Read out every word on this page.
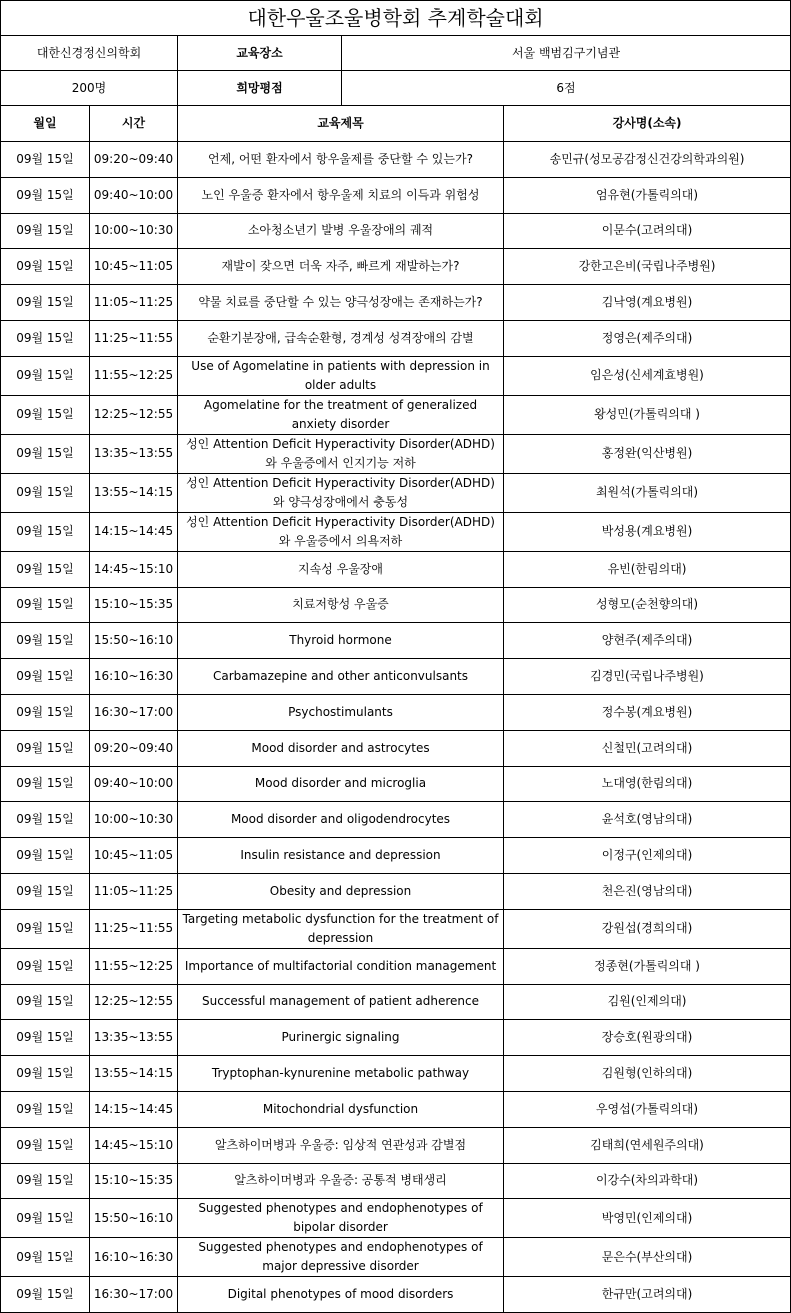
대한우울조울병학회 추계학술대회				
대한신경정신의학회		교육장소	서울 백범김구기념관	
200명		희망평점	6점	
월일	시간	교육제목		강사명(소속)
09월 15일	09:20~09:40	언제, 어떤 환자에서 항우울제를 중단할 수 있는가?		송민규(성모공감정신건강의학과의원)
09월 15일	09:40~10:00	노인 우울증 환자에서 항우울제 치료의 이득과 위험성		엄유현(가톨릭의대)
09월 15일	10:00~10:30	소아청소년기 발병 우울장애의 궤적		이문수(고려의대)
09월 15일	10:45~11:05	재발이 잦으면 더욱 자주, 빠르게 재발하는가?		강한고은비(국립나주병원)
09월 15일	11:05~11:25	약물 치료를 중단할 수 있는 양극성장애는 존재하는가?		김낙영(계요병원)
09월 15일	11:25~11:55	순환기분장애, 급속순환형, 경계성 성격장애의 감별		정영은(제주의대)
09월 15일	11:55~12:25	Use of Agomelatine in patients with depression in older adults		임은성(신세계효병원)
09월 15일	12:25~12:55	Agomelatine for the treatment of generalized anxiety disorder		왕성민(가톨릭의대 )
09월 15일	13:35~13:55	성인 Attention Deficit Hyperactivity Disorder(ADHD)와 우울증에서 인지기능 저하		홍정완(익산병원)
09월 15일	13:55~14:15	성인 Attention Deficit Hyperactivity Disorder(ADHD)와 양극성장애에서 충동성		최원석(가톨릭의대)
09월 15일	14:15~14:45	성인 Attention Deficit Hyperactivity Disorder(ADHD)와 우울증에서 의욕저하		박성용(계요병원)
09월 15일	14:45~15:10	지속성 우울장애		유빈(한림의대)
09월 15일	15:10~15:35	치료저항성 우울증		성형모(순천향의대)
09월 15일	15:50~16:10	Thyroid hormone		양현주(제주의대)
09월 15일	16:10~16:30	Carbamazepine and other anticonvulsants		김경민(국립나주병원)
09월 15일	16:30~17:00	Psychostimulants		정수봉(계요병원)
09월 15일	09:20~09:40	Mood disorder and astrocytes		신철민(고려의대)
09월 15일	09:40~10:00	Mood disorder and microglia		노대영(한림의대)
09월 15일	10:00~10:30	Mood disorder and oligodendrocytes		윤석호(영남의대)
09월 15일	10:45~11:05	Insulin resistance and depression		이정구(인제의대)
09월 15일	11:05~11:25	Obesity and depression		천은진(영남의대)
09월 15일	11:25~11:55	Targeting metabolic dysfunction for the treatment of depression		강원섭(경희의대)
09월 15일	11:55~12:25	Importance of multifactorial condition management		정종현(가톨릭의대 )
09월 15일	12:25~12:55	Successful management of patient adherence		김원(인제의대)
09월 15일	13:35~13:55	Purinergic signaling		장승호(원광의대)
09월 15일	13:55~14:15	Tryptophan-kynurenine metabolic pathway		김원형(인하의대)
09월 15일	14:15~14:45	Mitochondrial dysfunction		우영섭(가톨릭의대)
09월 15일	14:45~15:10	알츠하이머병과 우울증: 임상적 연관성과 감별점		김태희(연세원주의대)
09월 15일	15:10~15:35	알츠하이머병과 우울증: 공통적 병태생리		이강수(차의과학대)
09월 15일	15:50~16:10	Suggested phenotypes and endophenotypes of bipolar disorder		박영민(인제의대)
09월 15일	16:10~16:30	Suggested phenotypes and endophenotypes of major depressive disorder		문은수(부산의대)
09월 15일	16:30~17:00	Digital phenotypes of mood disorders		한규만(고려의대)
